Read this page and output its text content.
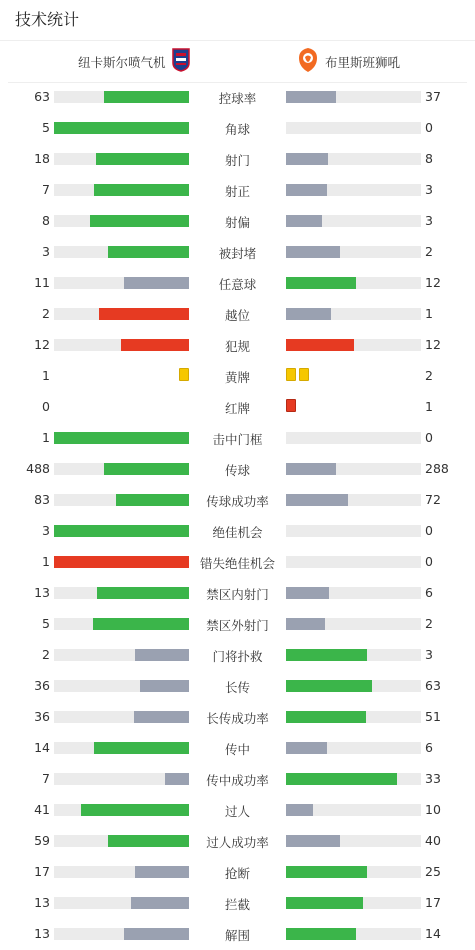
技术统计
纽卡斯尔喷气机	布里斯班狮吼
63	控球率	37
5	角球	0
18	射门	8
7	射正	3
8	射偏	3
3	被封堵	2
11	任意球	12
2	越位	1
12	犯规	12
1	黄牌	2
0	红牌	1
1	击中门框	0
488	传球	288
83	传球成功率	72
3	绝佳机会	0
1	错失绝佳机会	0
13	禁区内射门	6
5	禁区外射门	2
2	门将扑救	3
36	长传	63
36	长传成功率	51
14	传中	6
7	传中成功率	33
41	过人	10
59	过人成功率	40
17	抢断	25
13	拦截	17
13	解围	14
